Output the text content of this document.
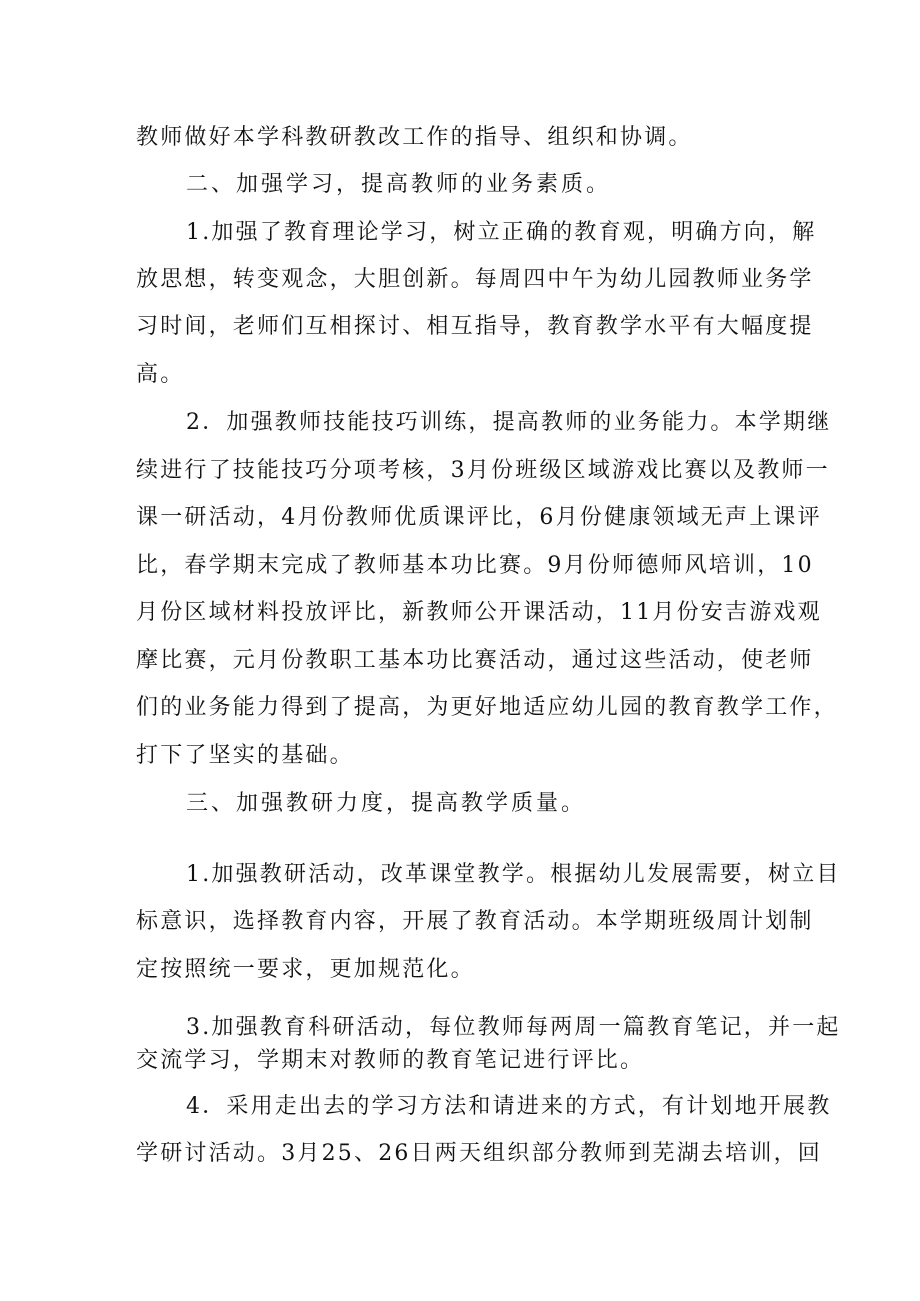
教师做好本学科教研教改工作的指导、组织和协调。
二、加强学习，提高教师的业务素质。
1.加强了教育理论学习，树立正确的教育观，明确方向，解
放思想，转变观念，大胆创新。每周四中午为幼儿园教师业务学
习时间，老师们互相探讨、相互指导，教育教学水平有大幅度提
高。
2．加强教师技能技巧训练，提高教师的业务能力。本学期继
续进行了技能技巧分项考核，3月份班级区域游戏比赛以及教师一
课一研活动，4月份教师优质课评比，6月份健康领域无声上课评
比，春学期末完成了教师基本功比赛。9月份师德师风培训，10
月份区域材料投放评比，新教师公开课活动，11月份安吉游戏观
摩比赛，元月份教职工基本功比赛活动，通过这些活动，使老师
们的业务能力得到了提高，为更好地适应幼儿园的教育教学工作，
打下了坚实的基础。
三、加强教研力度，提高教学质量。
1.加强教研活动，改革课堂教学。根据幼儿发展需要，树立目
标意识，选择教育内容，开展了教育活动。本学期班级周计划制
定按照统一要求，更加规范化。
3.加强教育科研活动，每位教师每两周一篇教育笔记，并一起
交流学习，学期末对教师的教育笔记进行评比。
4．采用走出去的学习方法和请进来的方式，有计划地开展教
学研讨活动。3月25、26日两天组织部分教师到芜湖去培训，回
